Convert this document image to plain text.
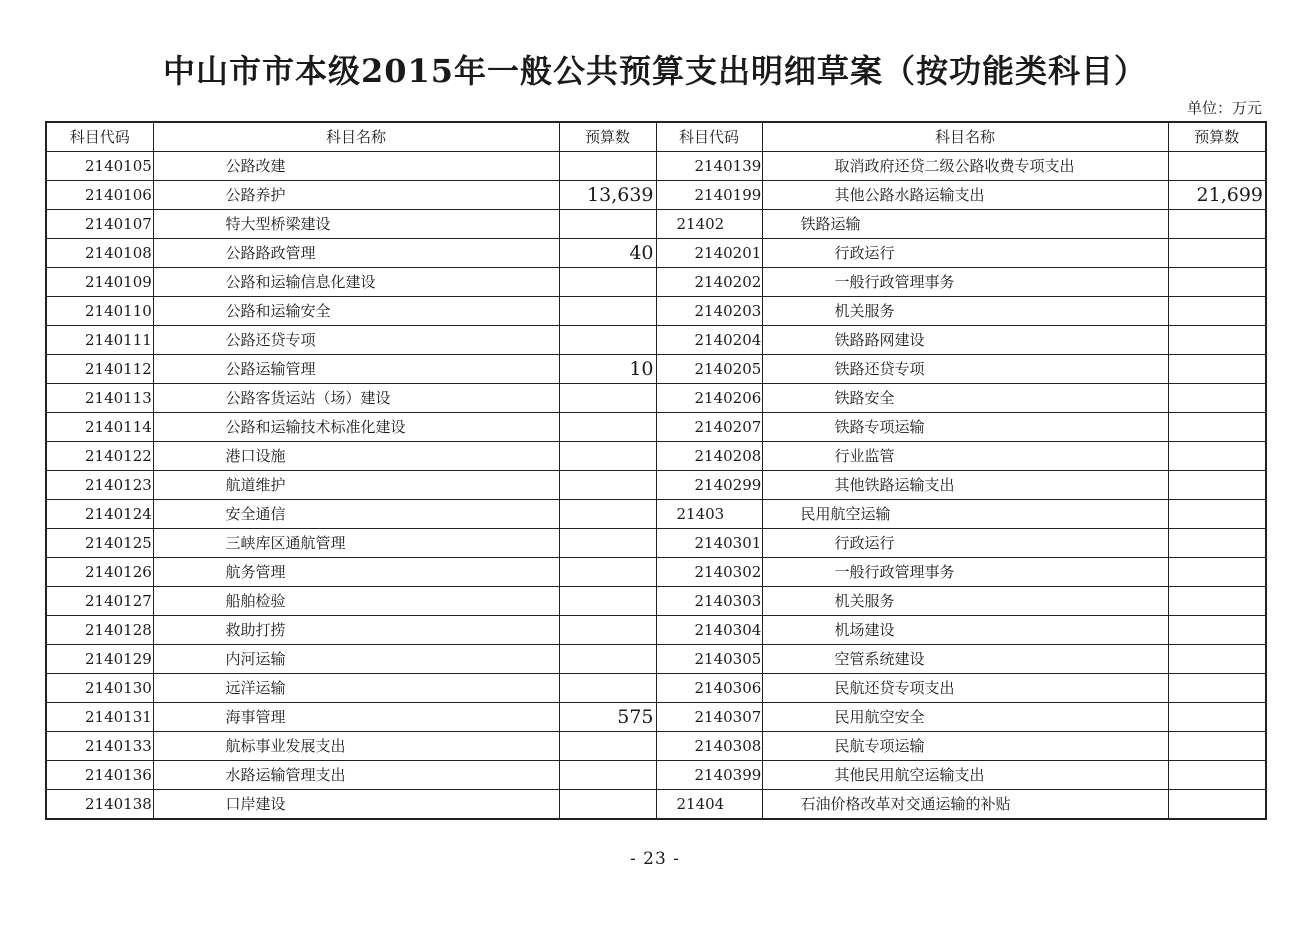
中山市市本级2015年一般公共预算支出明细草案（按功能类科目）
单位：万元
科目代码	科目名称	预算数	科目代码	科目名称	预算数
2140105	公路改建		2140139	取消政府还贷二级公路收费专项支出	
2140106	公路养护	13,639	2140199	其他公路水路运输支出	21,699
2140107	特大型桥梁建设		21402	铁路运输	
2140108	公路路政管理	40	2140201	行政运行	
2140109	公路和运输信息化建设		2140202	一般行政管理事务	
2140110	公路和运输安全		2140203	机关服务	
2140111	公路还贷专项		2140204	铁路路网建设	
2140112	公路运输管理	10	2140205	铁路还贷专项	
2140113	公路客货运站（场）建设		2140206	铁路安全	
2140114	公路和运输技术标准化建设		2140207	铁路专项运输	
2140122	港口设施		2140208	行业监管	
2140123	航道维护		2140299	其他铁路运输支出	
2140124	安全通信		21403	民用航空运输	
2140125	三峡库区通航管理		2140301	行政运行	
2140126	航务管理		2140302	一般行政管理事务	
2140127	船舶检验		2140303	机关服务	
2140128	救助打捞		2140304	机场建设	
2140129	内河运输		2140305	空管系统建设	
2140130	远洋运输		2140306	民航还贷专项支出	
2140131	海事管理	575	2140307	民用航空安全	
2140133	航标事业发展支出		2140308	民航专项运输	
2140136	水路运输管理支出		2140399	其他民用航空运输支出	
2140138	口岸建设		21404	石油价格改革对交通运输的补贴	
- 23 -
